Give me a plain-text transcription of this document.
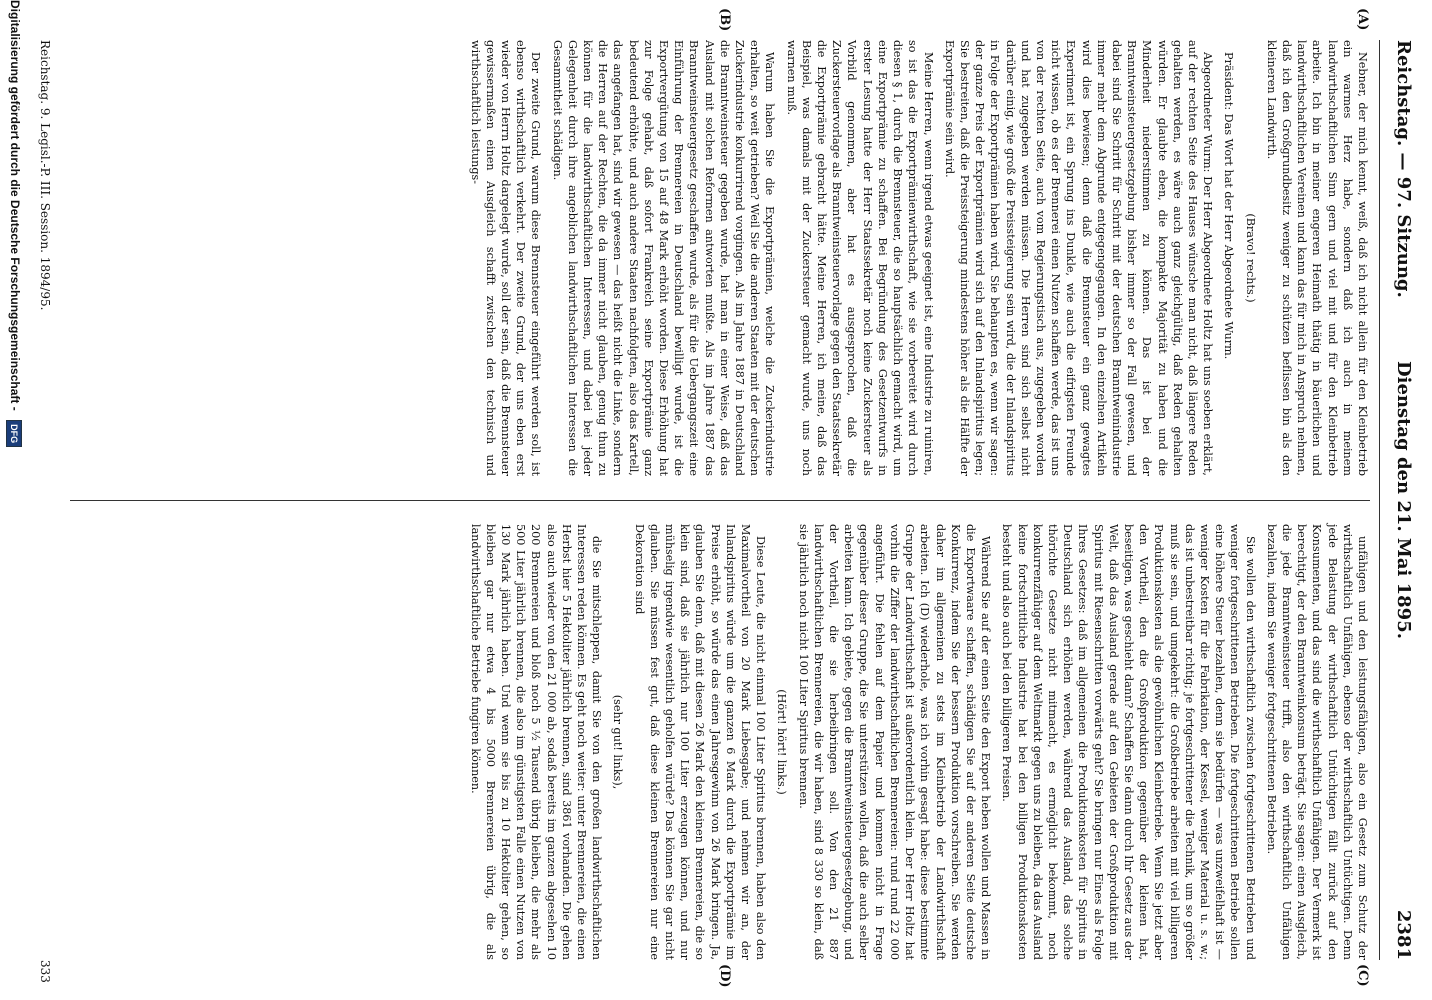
Reichstag. — 97. Sitzung.
Dienstag den 21. Mai 1895.
2381
(A)
(B)
(C)
(D)

Nebner, der mich kennt, weiß, daß ich nicht allein für den Kleinbetrieb ein warmes Herz habe, sondern daß ich auch in meinem landwirthschaftlichen Sinn gern und viel mit und für den Kleinbetrieb arbeite. Ich bin in meiner engeren Heimath thätig in bäuerlichen und landwirthschaftlichen Vereinen und kann das für mich in Anspruch nehmen, daß ich den Großgrundbesitz weniger zu schützen beflissen bin als den kleineren Landwirth.

(Bravo! rechts.)

Präsident: Das Wort hat der Herr Abgeordnete Wurm.

Abgeordneter Wurm: Der Herr Abgeordnete Holtz hat uns soeben erklärt, auf der rechten Seite des Hauses wünsche man nicht, daß längere Reden gehalten werden, es wäre auch ganz gleichgültig, daß Reden gehalten würden. Er glaubte eben, die kompakte Majorität zu haben und die Minderheit niederstimmen zu können. Das ist bei der Branntweinsteuergesetzgebung bisher immer so der Fall gewesen, und dabei sind Sie Schritt für Schritt mit der deutschen Branntweinindustrie immer mehr dem Abgrunde entgegengegangen. In den einzelnen Artikeln wird dies bewiesen; denn daß die Brennsteuer ein ganz gewagtes Experiment ist, ein Sprung ins Dunkle, wie auch die eifrigsten Freunde nicht wissen, ob es der Brennerei einen Nutzen schaffen werde, das ist uns von der rechten Seite, auch vom Regierungstisch aus, zugegeben worden und hat zugegeben werden müssen. Die Herren sind sich selbst nicht darüber einig, wie groß die Preissteigerung sein wird, die der Inlandspiritus in Folge der Exportprämien haben wird. Sie behaupten es, wenn wir sagen: der ganze Preis der Exportprämien wird sich auf den Inlandspiritus legen; Sie bestreiten, daß die Preissteigerung mindestens höher als die Hälfte der Exportprämie sein wird.

Meine Herren, wenn irgend etwas geeignet ist, eine Industrie zu ruiniren, so ist das die Exportprämienwirthschaft, wie sie vorbereitet wird durch diesen § 1, durch die Brennsteuer, die so hauptsächlich gemacht wird, um eine Exportprämie zu schaffen. Bei Begründung des Gesetzentwurfs in erster Lesung hatte der Herr Staatssekretär noch keine Zuckersteuer als Vorbild genommen, aber hat es ausgesprochen, daß die Zuckersteuervorlage als Branntweinsteuervorlage gegen den Staatssekretär die Exportprämie gebracht hätte. Meine Herren, ich meine, daß das Beispiel, was damals mit der Zuckersteuer gemacht wurde, uns noch warnen muß.

Warum haben Sie die Exportprämien, welche die Zuckerindustrie erhalten, so weit getrieben? Weil Sie die anderen Staaten mit der deutschen Zuckerindustrie konkurrirend vorgingen. Als im Jahre 1887 in Deutschland die Branntweinsteuer gegeben wurde, hat man in einer Weise, daß das Ausland mit solchen Reformen antworten mußte. Als im Jahre 1887 das Branntweinsteuergesetz geschaffen wurde, als für die Uebergangszeit eine Einführung der Brennereien in Deutschland bewilligt wurde, ist die Exportvergütung von 15 auf 48 Mark erhöht worden. Diese Erhöhung hat zur Folge gehabt, daß sofort Frankreich seine Exportprämie ganz bedeutend erhöhte, und auch andere Staaten nachfolgten, also das Kartell, das angefangen hat, sind wir gewesen — das heißt nicht die Linke, sondern die Herren auf der Rechten, die da immer nicht glauben, genug thun zu können für die landwirthschaftlichen Interessen, und dabei bei jeder Gelegenheit durch ihre angeblichen landwirthschaftlichen Interessen die Gesammtheit schädigen.

Der zweite Grund, warum diese Brennsteuer eingeführt werden soll, ist ebenso wirthschaftlich verkehrt. Der zweite Grund, der uns eben erst wieder von Herrn Holtz dargelegt wurde, soll der sein, daß die Brennsteuer gewissermaßen einen Ausgleich schafft zwischen den technisch und wirthschaftlich leistungs-

unfähigen und den leistungsfähigen, also ein Gesetz zum Schutz der wirthschaftlich Unfähigen, ebenso der wirthschaftlich Untüchtigen. Denn jede Belastung der wirthschaftlich Untüchtigen fällt zurück auf den Konsumenten, und das sind die wirthschaftlich Unfähigen. Der Vermerk ist berechtigt, der den Branntweinkonsum beträgt. Sie sagen: einen Ausgleich, die jede Branntweinsteuer trifft, also den wirthschaftlich Unfähigen bezahlen, indem Sie weniger fortgeschrittenen Betrieben.

Sie wollen den wirthschaftlich zwischen fortgeschrittenen Betrieben und weniger fortgeschrittenen Betrieben. Die fortgeschrittenen Betriebe sollen eine höhere Steuer bezahlen, denn sie bedürfen — was unzweifelhaft ist — weniger Kosten für die Fabrikation, der Kessel, weniger Material u. s. w.; das ist unbestreitbar richtig; je fortgeschrittener die Technik, um so größer muß sie sein, und umgekehrt: die Großbetriebe arbeiten mit viel billigeren Produktionskosten als die gewöhnlichen Kleinbetriebe. Wenn Sie jetzt aber den Vortheil, den die Großproduktion gegenüber der kleinen hat, beseitigen, was geschieht dann? Schaffen Sie dann durch Ihr Gesetz aus der Welt, daß das Ausland gerade auf den Gebieten der Großproduktion mit Spiritus mit Riesenschritten vorwärts geht? Sie bringen nur Eines als Folge Ihres Gesetzes: daß im allgemeinen die Produktionskosten für Spiritus in Deutschland sich erhöhen werden, während das Ausland, das solche thörichte Gesetze nicht mitmacht, es ermöglicht bekommt, noch konkurrenzfähiger auf dem Weltmarkt gegen uns zu bleiben, da das Ausland keine fortschrittliche Industrie hat bei den billigen Produktionskosten besteht und also auch bei den billigeren Preisen.

Während Sie auf der einen Seite den Export heben wollen und Massen in die Exportwaare schaffen, schädigen Sie auf der anderen Seite deutsche Konkurrenz, indem Sie der bessern Produktion vorschreiben. Sie werden daher im allgemeinen zu stets im Kleinbetrieb der Landwirthschaft arbeiten. Ich (D) wiederhole, was ich vorhin gesagt habe: diese bestimmte Gruppe der Landwirthschaft ist außerordentlich klein. Der Herr Holtz hat vorhin die Ziffer der landwirthschaftlichen Brennereien: rund rund 22 000 angeführt. Die fehlen auf dem Papier und kommen nicht in Frage gegenüber dieser Gruppe, die Sie unterstützen wollen, daß die auch selber arbeiten kann. Ich gebiete, gegen die Branntweinsteuergesetzgebung, und der Vortheil, die sie herbeibringen soll. Von den 21 887 landwirthschaftlichen Brennereien, die wir haben, sind 8 330 so klein, daß sie jährlich noch nicht 100 Liter Spiritus brennen.

(Hört! hört! links.)

Diese Leute, die nicht einmal 100 Liter Spiritus brennen, haben also den Maximalvortheil von 20 Mark Liebesgabe; und nehmen wir an, der Inlandspiritus würde um die ganzen 6 Mark durch die Exportprämie im Preise erhöht, so würde das einen Jahresgewinn von 26 Mark bringen. Ja, glauben Sie denn, daß mit diesen 26 Mark den kleinen Brennereien, die so klein sind, daß sie jährlich nur 100 Liter erzeugen können, und nur mühselig irgendwie wesentlich geholfen würde? Das können Sie gar nicht glauben. Sie müssen fest gut, daß diese kleinen Brennereien nur eine Dekoration sind

(sehr gut! links),

die Sie mitschleppen, damit Sie von den großen landwirthschaftlichen Interessen reden können. Es geht noch weiter: unter Brennereien, die einen Herbst hier 5 Hektoliter jährlich brennen, sind 3861 vorhanden. Die gehen also auch wieder von den 21 000 ab, sodaß bereits im ganzen abgesehen 10 200 Brennereien und bloß noch 5 ½ Tausend übrig bleiben, die mehr als 500 Liter jährlich brennen, die also im günstigsten Falle einen Nutzen von 130 Mark jährlich haben. Und wenn sie bis zu 10 Hektoliter gehen, so bleiben gar nur etwa 4 bis 5000 Brennereien übrig, die als landwirthschaftliche Betriebe fungiren können.

Reichstag. 9. Legisl.-P. III. Session. 1894/95.
333
Digitalisierung gefördert durch die Deutsche Forschungsgemeinschaft - DFG
